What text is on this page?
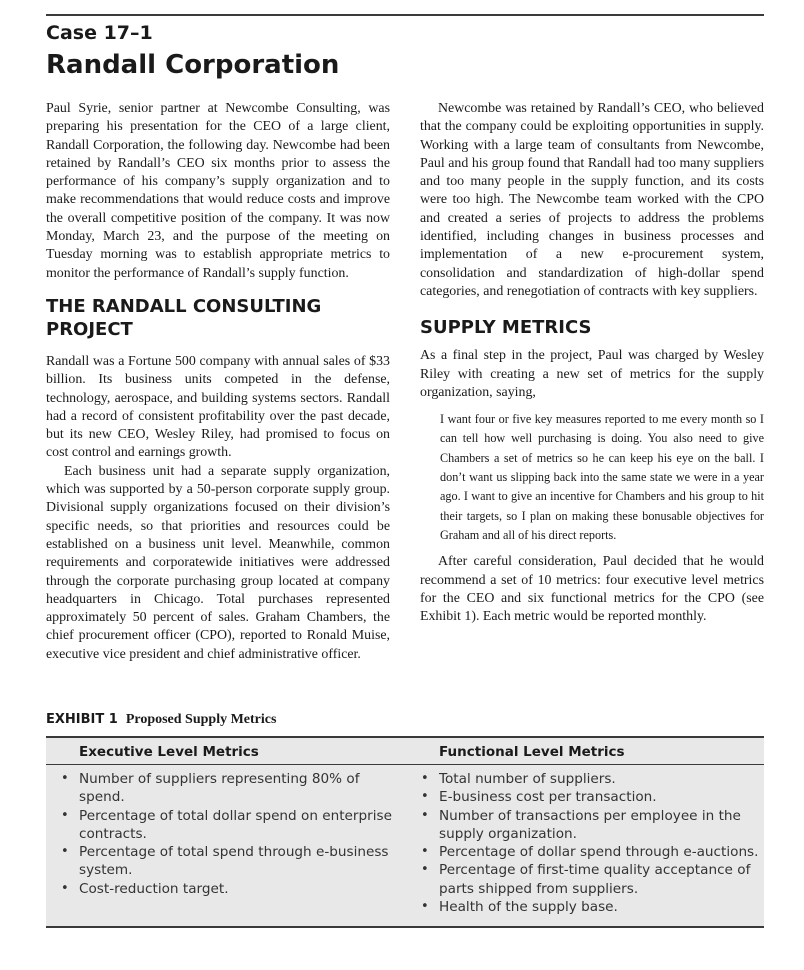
Case 17–1
Randall Corporation

Paul Syrie, senior partner at Newcombe Consulting, was preparing his presentation for the CEO of a large client, Randall Corporation, the following day. Newcombe had been retained by Randall’s CEO six months prior to assess the performance of his company’s supply organization and to make recommendations that would reduce costs and improve the overall competitive position of the company. It was now Monday, March 23, and the purpose of the meeting on Tuesday morning was to establish appropriate metrics to monitor the performance of Randall’s supply function.

THE RANDALL CONSULTING PROJECT

Randall was a Fortune 500 company with annual sales of $33 billion. Its business units competed in the defense, technology, aerospace, and building systems sectors. Randall had a record of consistent profitability over the past decade, but its new CEO, Wesley Riley, had promised to focus on cost control and earnings growth.

Each business unit had a separate supply organization, which was supported by a 50-person corporate supply group. Divisional supply organizations focused on their division’s specific needs, so that priorities and resources could be established on a business unit level. Meanwhile, common requirements and corporatewide initiatives were addressed through the corporate purchasing group located at company headquarters in Chicago. Total purchases represented approximately 50 percent of sales. Graham Chambers, the chief procurement officer (CPO), reported to Ronald Muise, executive vice president and chief administrative officer.

Newcombe was retained by Randall’s CEO, who believed that the company could be exploiting opportunities in supply. Working with a large team of consultants from Newcombe, Paul and his group found that Randall had too many suppliers and too many people in the supply function, and its costs were too high. The Newcombe team worked with the CPO and created a series of projects to address the problems identified, including changes in business processes and implementation of a new e-procurement system, consolidation and standardization of high-dollar spend categories, and renegotiation of contracts with key suppliers.

SUPPLY METRICS

As a final step in the project, Paul was charged by Wesley Riley with creating a new set of metrics for the supply organization, saying,

I want four or five key measures reported to me every month so I can tell how well purchasing is doing. You also need to give Chambers a set of metrics so he can keep his eye on the ball. I don’t want us slipping back into the same state we were in a year ago. I want to give an incentive for Chambers and his group to hit their targets, so I plan on making these bonusable objectives for Graham and all of his direct reports.

After careful consideration, Paul decided that he would recommend a set of 10 metrics: four executive level metrics for the CEO and six functional metrics for the CPO (see Exhibit 1). Each metric would be reported monthly.

EXHIBIT 1 Proposed Supply Metrics
Executive Level Metrics	Functional Level Metrics
• Number of suppliers representing 80% of spend.
• Percentage of total dollar spend on enterprise contracts.
• Percentage of total spend through e-business system.
• Cost-reduction target.
• Total number of suppliers.
• E-business cost per transaction.
• Number of transactions per employee in the supply organization.
• Percentage of dollar spend through e-auctions.
• Percentage of first-time quality acceptance of parts shipped from suppliers.
• Health of the supply base.
